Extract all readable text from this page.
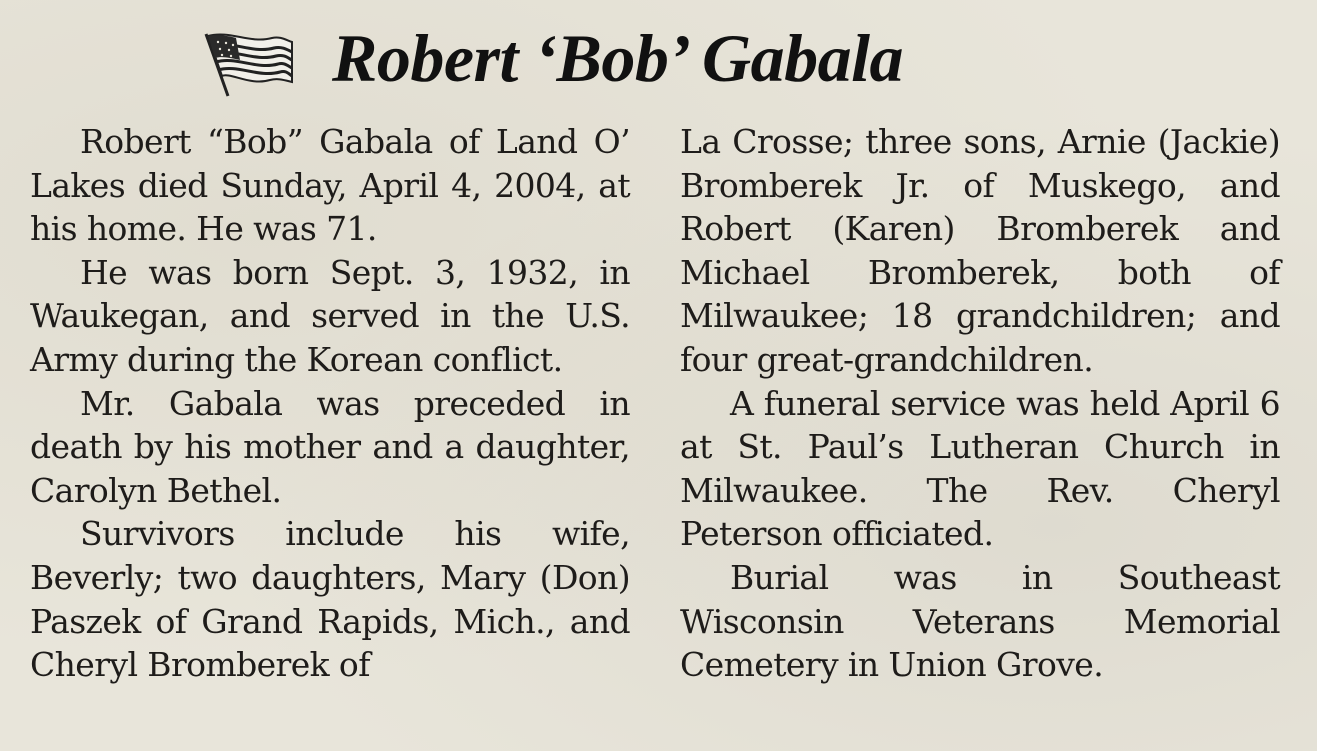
Robert ‘Bob’ Gabala

Robert “Bob” Gabala of Land O’ Lakes died Sunday, April 4, 2004, at his home. He was 71.

He was born Sept. 3, 1932, in Waukegan, and served in the U.S. Army during the Korean conflict.

Mr. Gabala was preceded in death by his mother and a daughter, Carolyn Bethel.

Survivors include his wife, Beverly; two daughters, Mary (Don) Paszek of Grand Rapids, Mich., and Cheryl Bromberek of

La Crosse; three sons, Arnie (Jackie) Bromberek Jr. of Muskego, and Robert (Karen) Bromberek and Michael Bromberek, both of Milwaukee; 18 grandchildren; and four great-grandchildren.

A funeral service was held April 6 at St. Paul’s Lutheran Church in Milwaukee. The Rev. Cheryl Peterson officiated.

Burial was in Southeast Wisconsin Veterans Memorial Cemetery in Union Grove.
